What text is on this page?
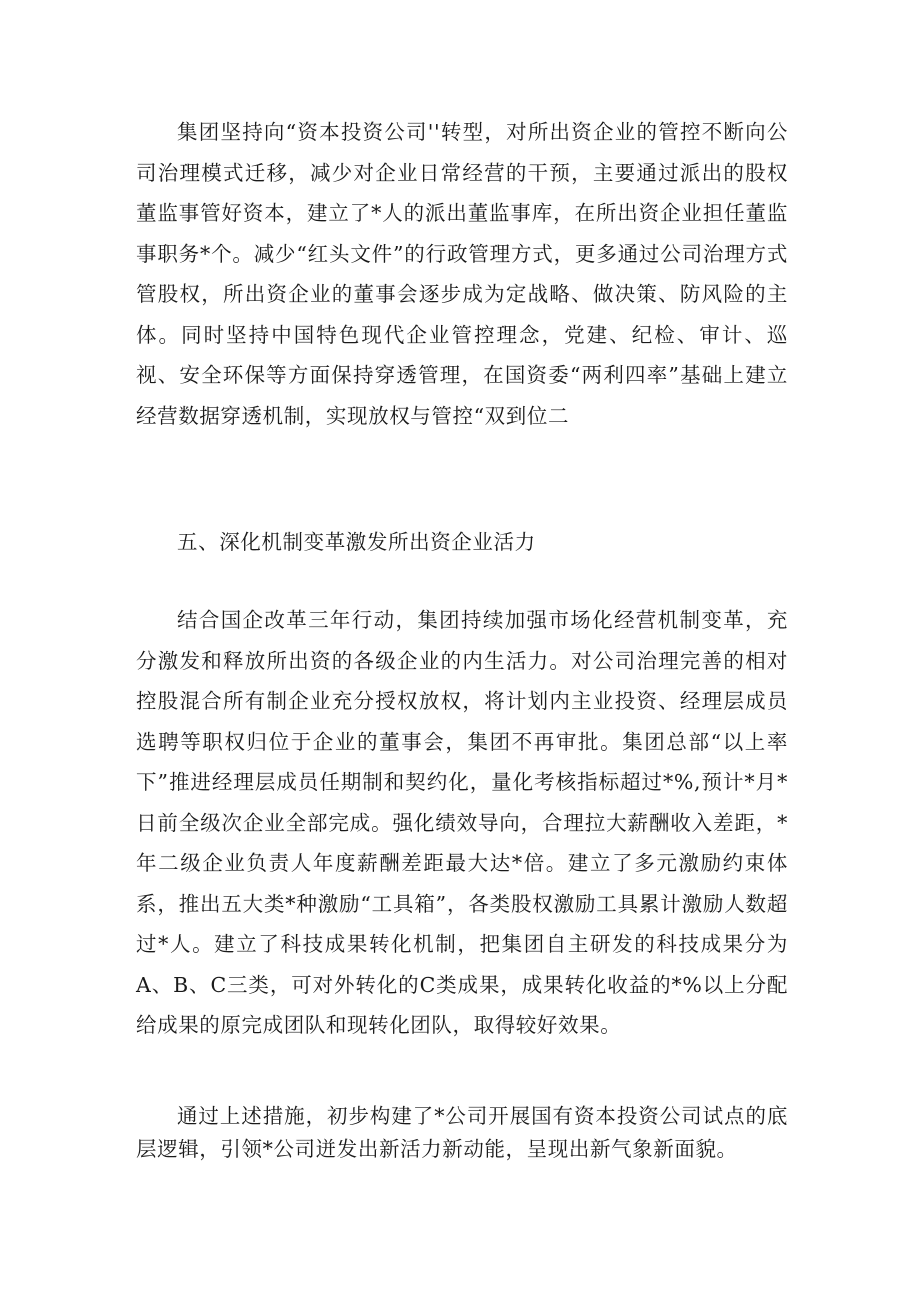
集团坚持向“资本投资公司''转型，对所出资企业的管控不断向公司治理模式迁移，减少对企业日常经营的干预，主要通过派出的股权董监事管好资本，建立了*人的派出董监事库，在所出资企业担任董监事职务*个。减少“红头文件”的行政管理方式，更多通过公司治理方式管股权，所出资企业的董事会逐步成为定战略、做决策、防风险的主体。同时坚持中国特色现代企业管控理念，党建、纪检、审计、巡视、安全环保等方面保持穿透管理，在国资委“两利四率”基础上建立经营数据穿透机制，实现放权与管控“双到位二

五、深化机制变革激发所出资企业活力

结合国企改革三年行动，集团持续加强市场化经营机制变革，充分激发和释放所出资的各级企业的内生活力。对公司治理完善的相对控股混合所有制企业充分授权放权，将计划内主业投资、经理层成员选聘等职权归位于企业的董事会，集团不再审批。集团总部“以上率下”推进经理层成员任期制和契约化，量化考核指标超过*%,预计*月*日前全级次企业全部完成。强化绩效导向，合理拉大薪酬收入差距，*年二级企业负责人年度薪酬差距最大达*倍。建立了多元激励约束体系，推出五大类*种激励“工具箱”，各类股权激励工具累计激励人数超过*人。建立了科技成果转化机制，把集团自主研发的科技成果分为A、B、C三类，可对外转化的C类成果，成果转化收益的*%以上分配给成果的原完成团队和现转化团队，取得较好效果。

通过上述措施，初步构建了*公司开展国有资本投资公司试点的底层逻辑，引领*公司迸发出新活力新动能，呈现出新气象新面貌。
